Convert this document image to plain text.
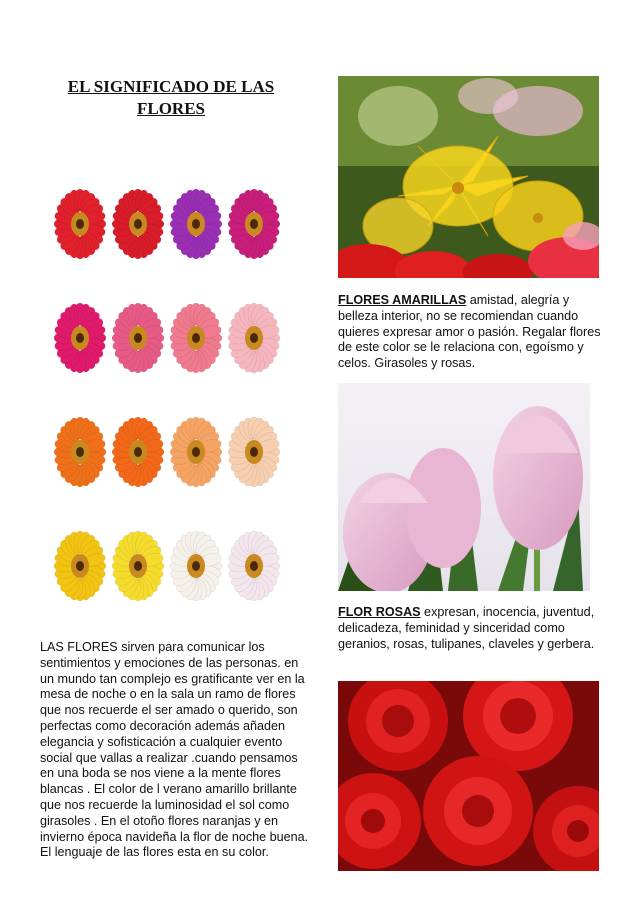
EL SIGNIFICADO DE LAS
FLORES

LAS FLORES sirven para comunicar los sentimientos y emociones de las personas. en un mundo tan complejo es gratificante ver en la mesa de noche o en la sala un ramo de flores que nos recuerde el ser amado o querido, son perfectas como decoración además añaden elegancia y sofisticación a cualquier evento social que vallas a realizar .cuando pensamos en una boda se nos viene a la mente flores blancas . El color de l verano amarillo brillante que nos recuerde la luminosidad el sol como girasoles . En el otoño flores naranjas y en invierno época navideña la flor de noche buena. El lenguaje de las flores esta en su color.

FLORES AMARILLAS amistad, alegría y belleza interior, no se recomiendan cuando quieres expresar amor o pasión. Regalar flores de este color se le relaciona con, egoísmo y celos. Girasoles y rosas.

FLOR ROSAS expresan, inocencia, juventud, delicadeza, feminidad y sinceridad como geranios, rosas, tulipanes, claveles y gerbera.
